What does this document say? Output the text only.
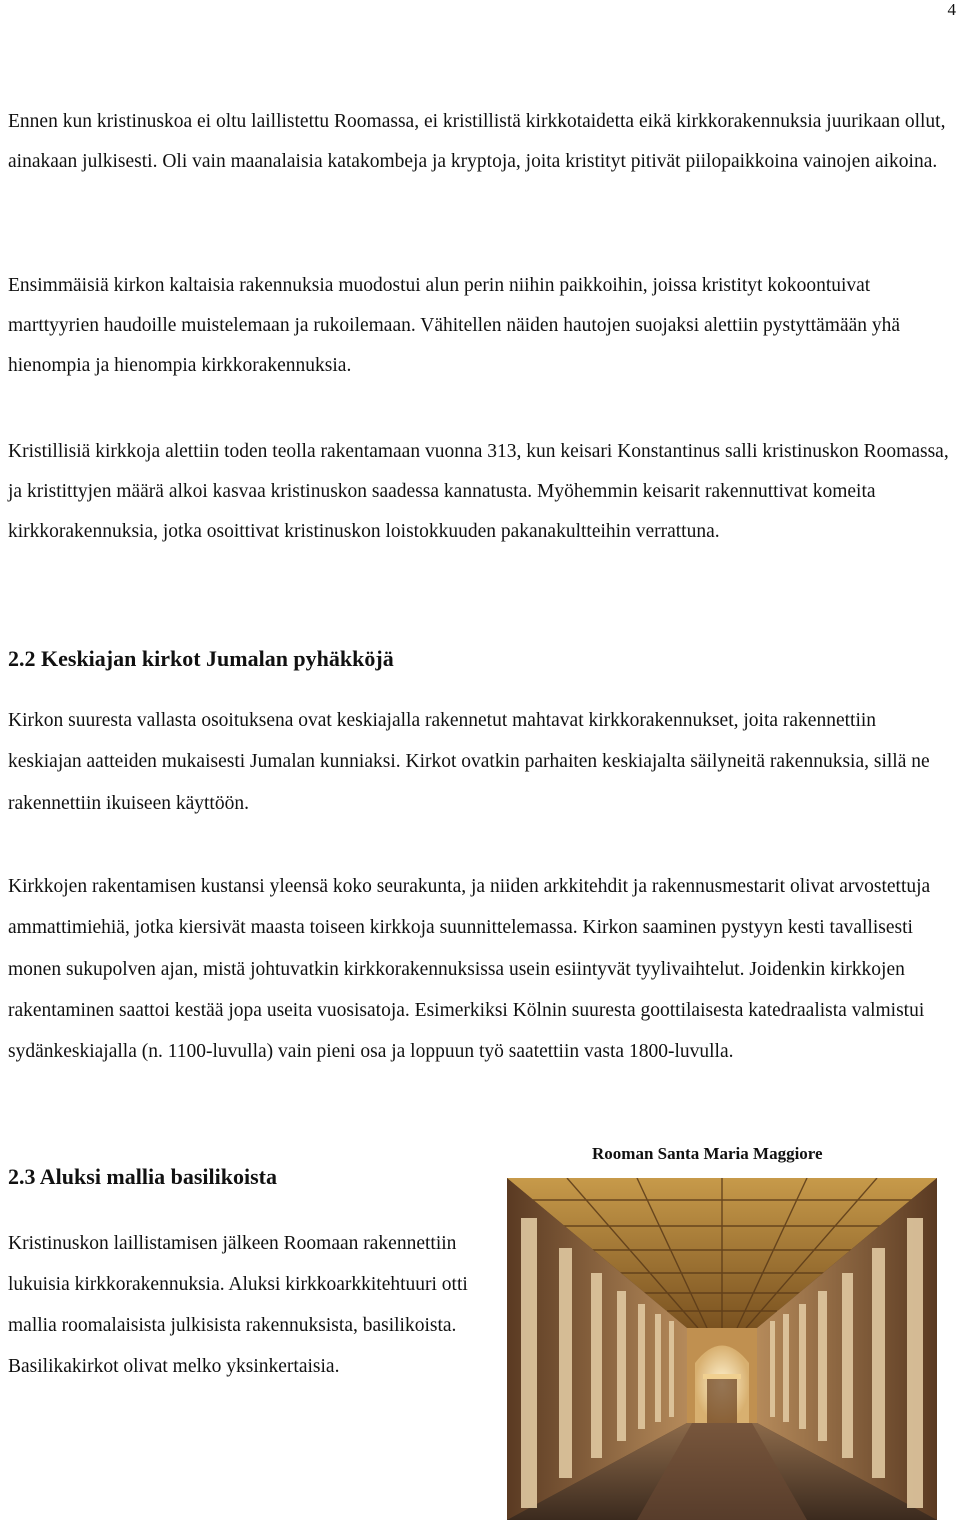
4

Ennen kun kristinuskoa ei oltu laillistettu Roomassa, ei kristillistä kirkkotaidetta eikä kirkkorakennuksia juurikaan ollut, ainakaan julkisesti. Oli vain maanalaisia katakombeja ja kryptoja, joita kristityt pitivät piilopaikkoina vainojen aikoina.

Ensimmäisiä kirkon kaltaisia rakennuksia muodostui alun perin niihin paikkoihin, joissa kristityt kokoontuivat marttyyrien haudoille muistelemaan ja rukoilemaan. Vähitellen näiden hautojen suojaksi alettiin pystyttämään yhä hienompia ja hienompia kirkkorakennuksia.

Kristillisiä kirkkoja alettiin toden teolla rakentamaan vuonna 313, kun keisari Konstantinus salli kristinuskon Roomassa, ja kristittyjen määrä alkoi kasvaa kristinuskon saadessa kannatusta. Myöhemmin keisarit rakennuttivat komeita kirkkorakennuksia, jotka osoittivat kristinuskon loistokkuuden pakanakultteihin verrattuna.

2.2 Keskiajan kirkot Jumalan pyhäkköjä

Kirkon suuresta vallasta osoituksena ovat keskiajalla rakennetut mahtavat kirkkorakennukset, joita rakennettiin keskiajan aatteiden mukaisesti Jumalan kunniaksi. Kirkot ovatkin parhaiten keskiajalta säilyneitä rakennuksia, sillä ne rakennettiin ikuiseen käyttöön.

Kirkkojen rakentamisen kustansi yleensä koko seurakunta, ja niiden arkkitehdit ja rakennusmestarit olivat arvostettuja ammattimiehiä, jotka kiersivät maasta toiseen kirkkoja suunnittelemassa. Kirkon saaminen pystyyn kesti tavallisesti monen sukupolven ajan, mistä johtuvatkin kirkkorakennuksissa usein esiintyvät tyylivaihtelut. Joidenkin kirkkojen rakentaminen saattoi kestää jopa useita vuosisatoja. Esimerkiksi Kölnin suuresta goottilaisesta katedraalista valmistui sydänkeskiajalla (n. 1100-luvulla) vain pieni osa ja loppuun työ saatettiin vasta 1800-luvulla.

2.3 Aluksi mallia basilikoista

Kristinuskon laillistamisen jälkeen Roomaan rakennettiin lukuisia kirkkorakennuksia. Aluksi kirkkoarkkitehtuuri otti mallia roomalaisista julkisista rakennuksista, basilikoista. Basilikakirkot olivat melko yksinkertaisia.

Rooman Santa Maria Maggiore
